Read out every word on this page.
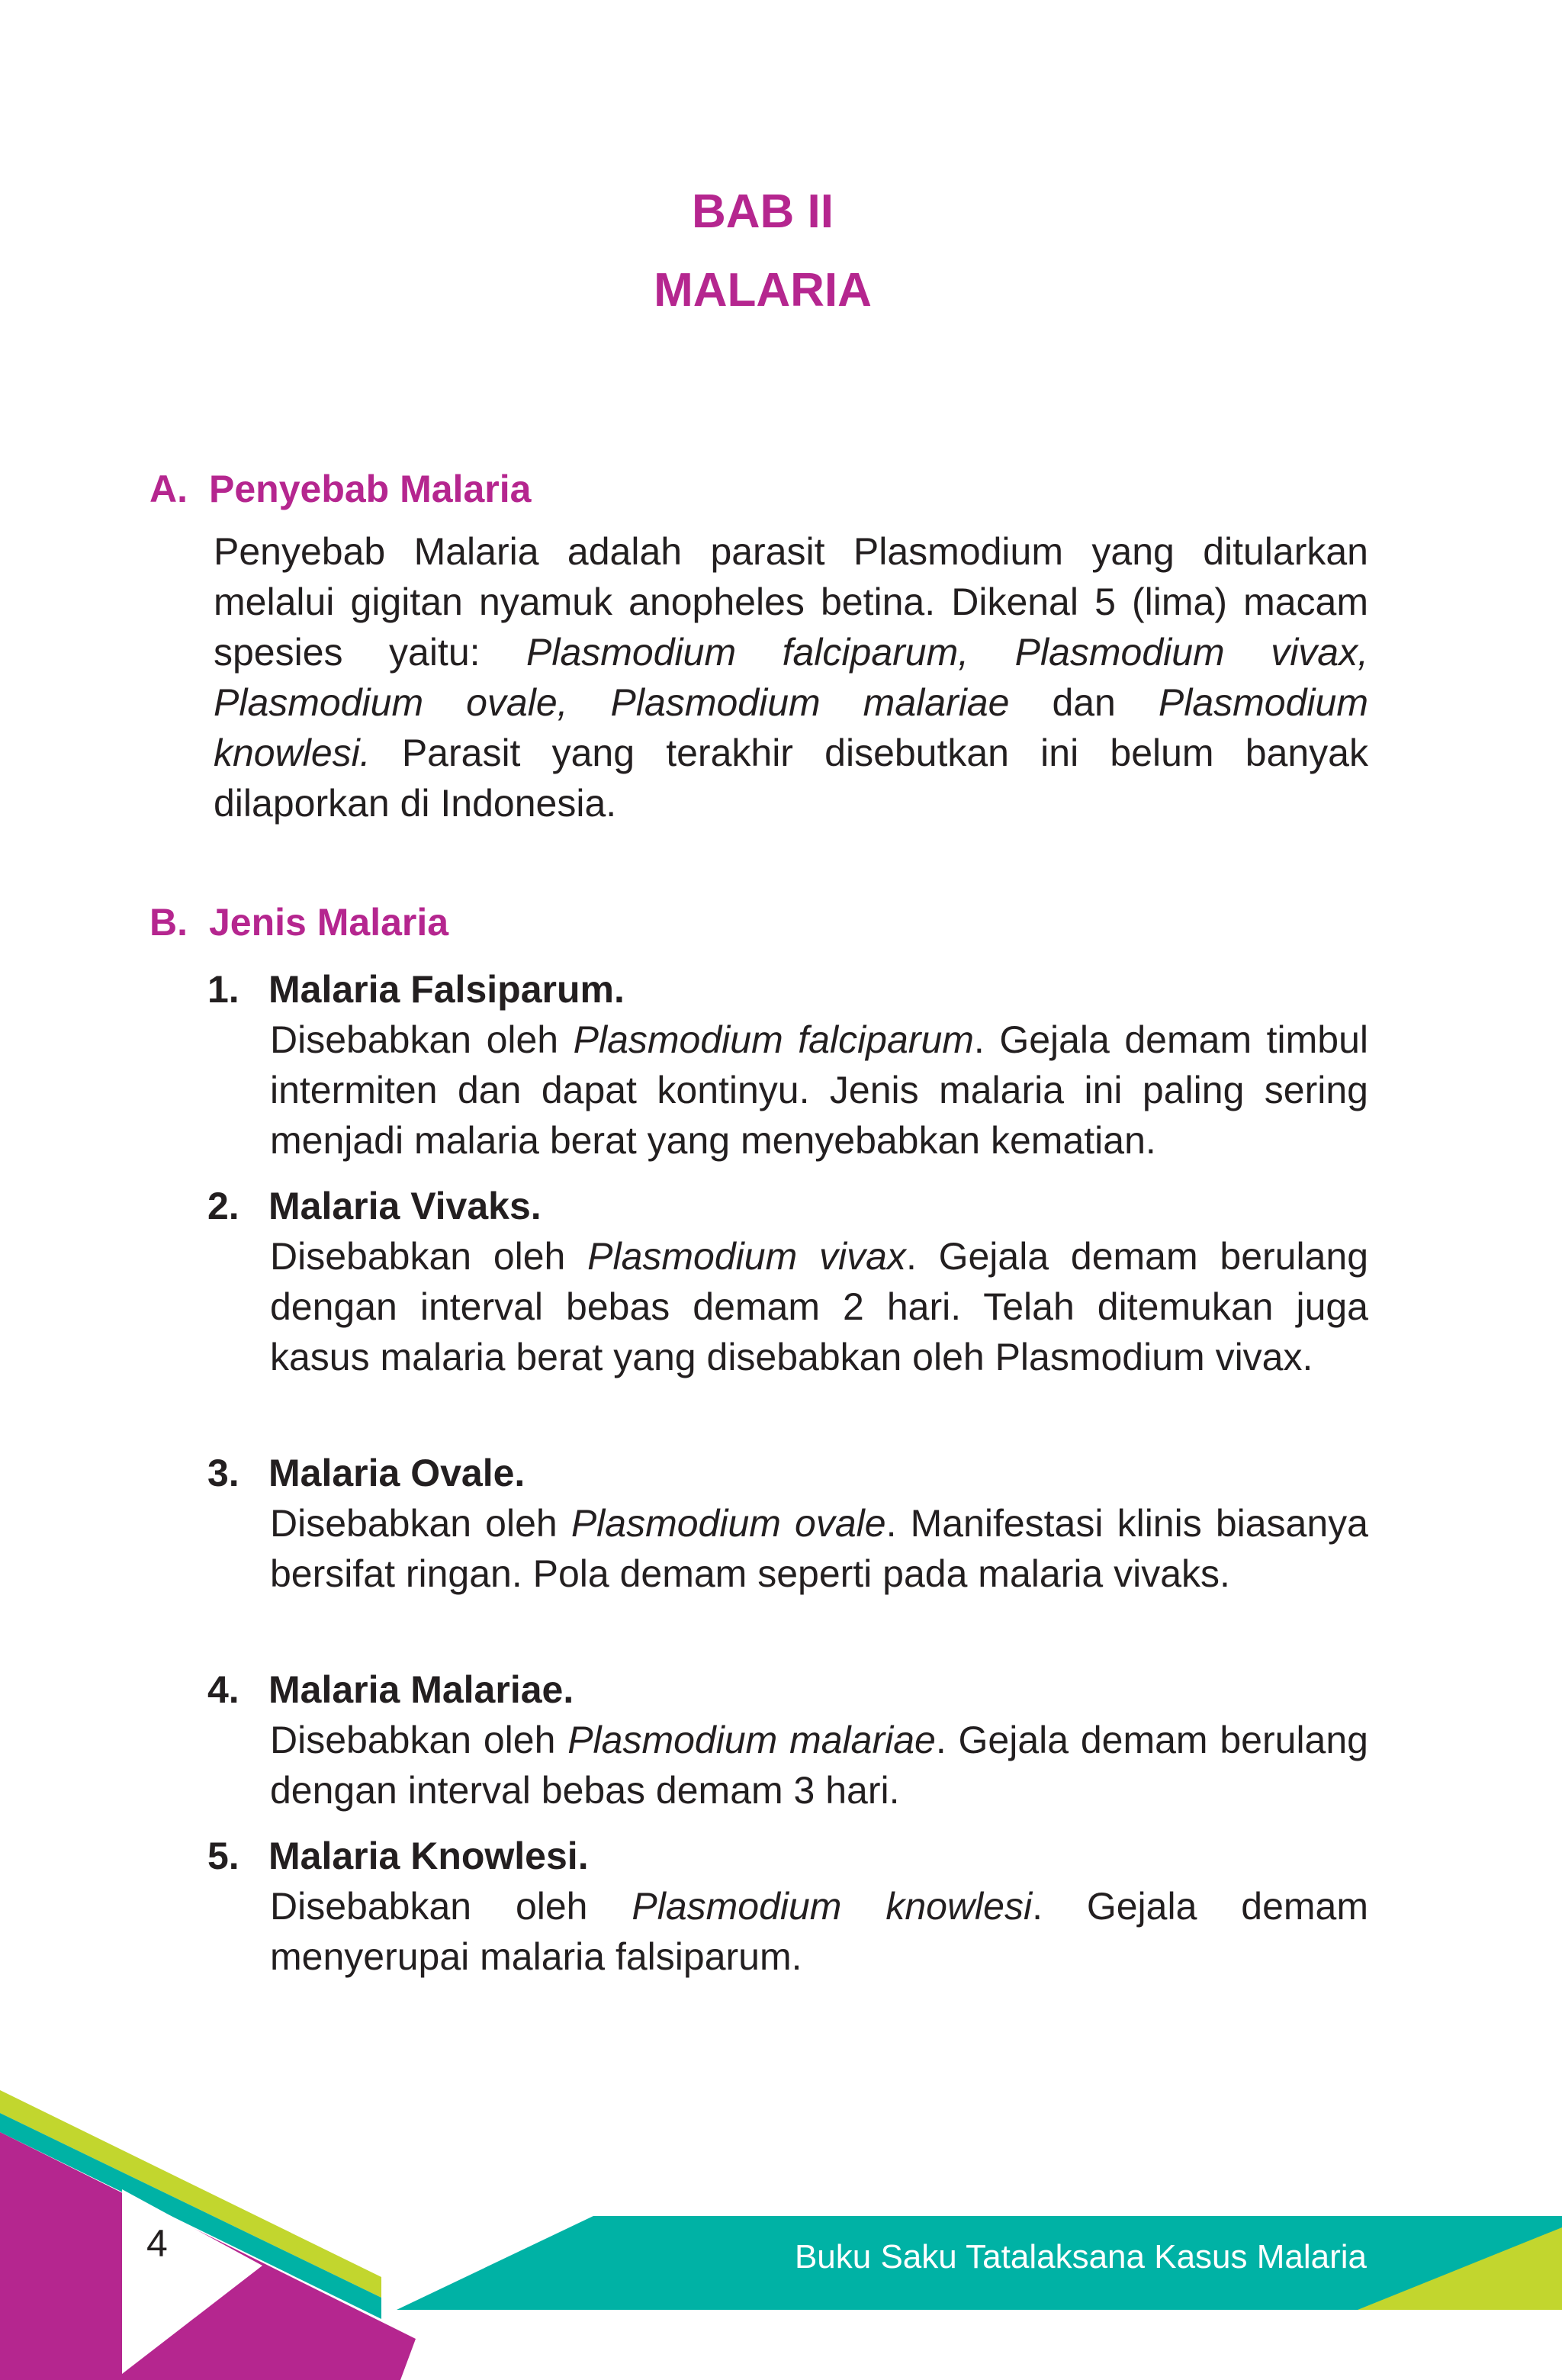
BAB II
MALARIA
A. Penyebab Malaria

Penyebab Malaria adalah parasit Plasmodium yang ditularkan melalui gigitan nyamuk anopheles betina. Dikenal 5 (lima) macam spesies yaitu: Plasmodium falciparum, Plasmodium vivax, Plasmodium ovale, Plasmodium malariae dan Plasmodium knowlesi. Parasit yang terakhir disebutkan ini belum banyak dilaporkan di Indonesia.

B. Jenis Malaria

1. Malaria Falsiparum.

Disebabkan oleh Plasmodium falciparum. Gejala demam timbul intermiten dan dapat kontinyu. Jenis malaria ini paling sering menjadi malaria berat yang menyebabkan kematian.

2. Malaria Vivaks.

Disebabkan oleh Plasmodium vivax. Gejala demam berulang dengan interval bebas demam 2 hari. Telah ditemukan juga kasus malaria berat yang disebabkan oleh Plasmodium vivax.

3. Malaria Ovale.

Disebabkan oleh Plasmodium ovale. Manifestasi klinis biasanya bersifat ringan. Pola demam seperti pada malaria vivaks.

4. Malaria Malariae.

Disebabkan oleh Plasmodium malariae. Gejala demam berulang dengan interval bebas demam 3 hari.

5. Malaria Knowlesi.

Disebabkan oleh Plasmodium knowlesi. Gejala demam menyerupai malaria falsiparum.

4	Buku Saku Tatalaksana Kasus Malaria
